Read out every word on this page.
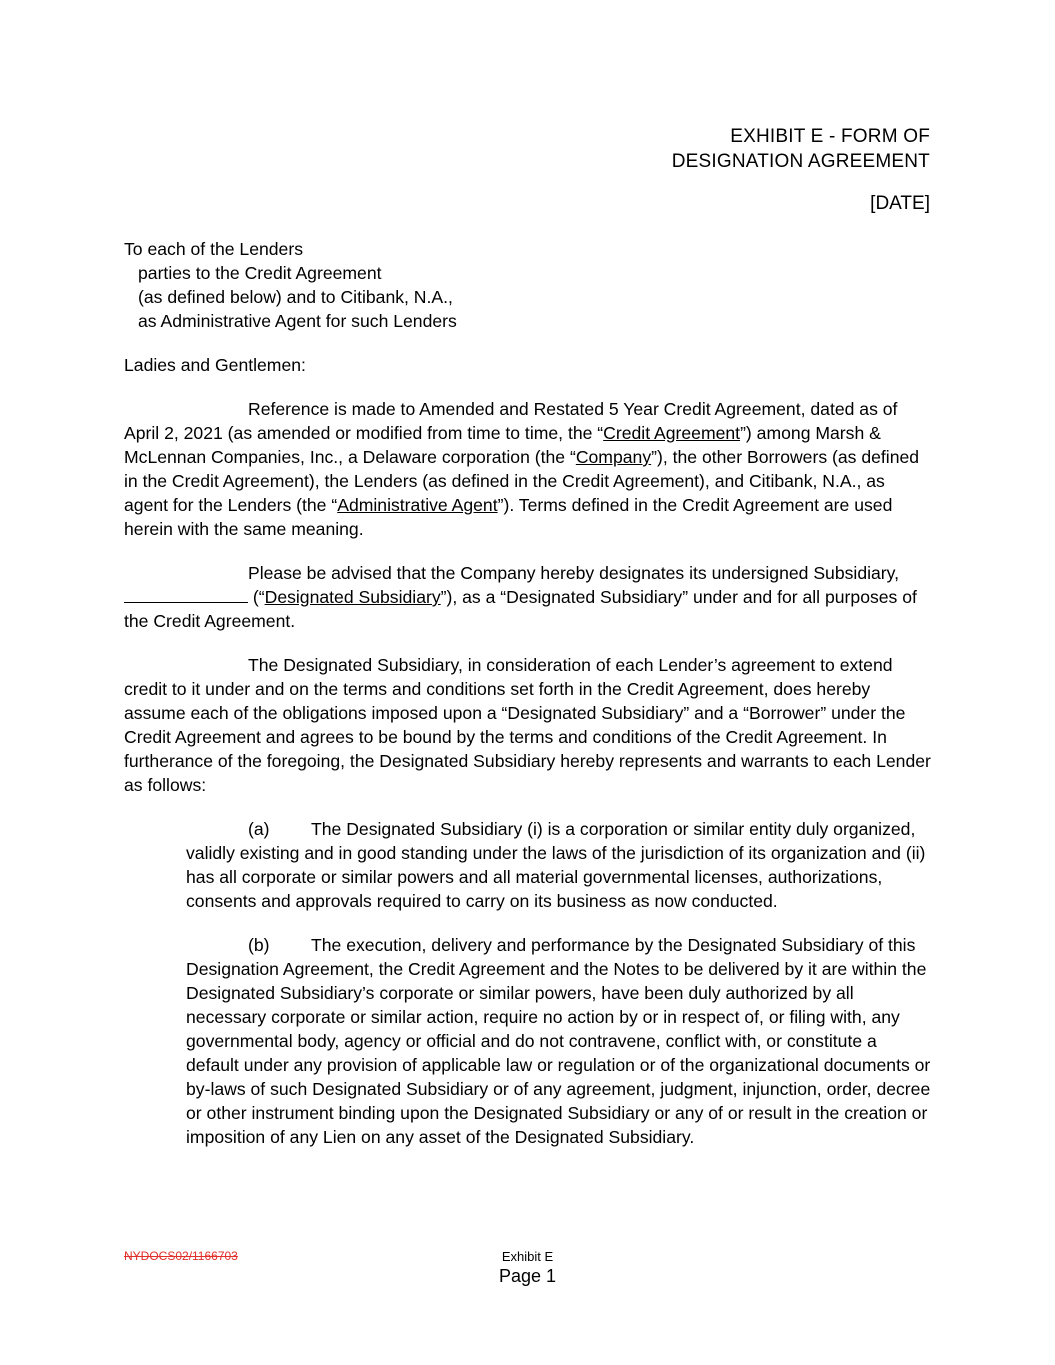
EXHIBIT E - FORM OF
DESIGNATION AGREEMENT
[DATE]
To each of the Lenders
parties to the Credit Agreement
(as defined below) and to Citibank, N.A.,
as Administrative Agent for such Lenders
Ladies and Gentlemen:

Reference is made to Amended and Restated 5 Year Credit Agreement, dated as of April 2, 2021 (as amended or modified from time to time, the “Credit Agreement”) among Marsh & McLennan Companies, Inc., a Delaware corporation (the “Company”), the other Borrowers (as defined in the Credit Agreement), the Lenders (as defined in the Credit Agreement), and Citibank, N.A., as agent for the Lenders (the “Administrative Agent”). Terms defined in the Credit Agreement are used herein with the same meaning.

Please be advised that the Company hereby designates its undersigned Subsidiary,  (“Designated Subsidiary”), as a “Designated Subsidiary” under and for all purposes of the Credit Agreement.

The Designated Subsidiary, in consideration of each Lender’s agreement to extend credit to it under and on the terms and conditions set forth in the Credit Agreement, does hereby assume each of the obligations imposed upon a “Designated Subsidiary” and a “Borrower” under the Credit Agreement and agrees to be bound by the terms and conditions of the Credit Agreement. In furtherance of the foregoing, the Designated Subsidiary hereby represents and warrants to each Lender as follows:

(a) The Designated Subsidiary (i) is a corporation or similar entity duly organized, validly existing and in good standing under the laws of the jurisdiction of its organization and (ii) has all corporate or similar powers and all material governmental licenses, authorizations, consents and approvals required to carry on its business as now conducted.
(b) The execution, delivery and performance by the Designated Subsidiary of this Designation Agreement, the Credit Agreement and the Notes to be delivered by it are within the Designated Subsidiary’s corporate or similar powers, have been duly authorized by all necessary corporate or similar action, require no action by or in respect of, or filing with, any governmental body, agency or official and do not contravene, conflict with, or constitute a default under any provision of applicable law or regulation or of the organizational documents or by-laws of such Designated Subsidiary or of any agreement, judgment, injunction, order, decree or other instrument binding upon the Designated Subsidiary or any of or result in the creation or imposition of any Lien on any asset of the Designated Subsidiary.
NYDOCS02/1166703	Exhibit E
Page 1
